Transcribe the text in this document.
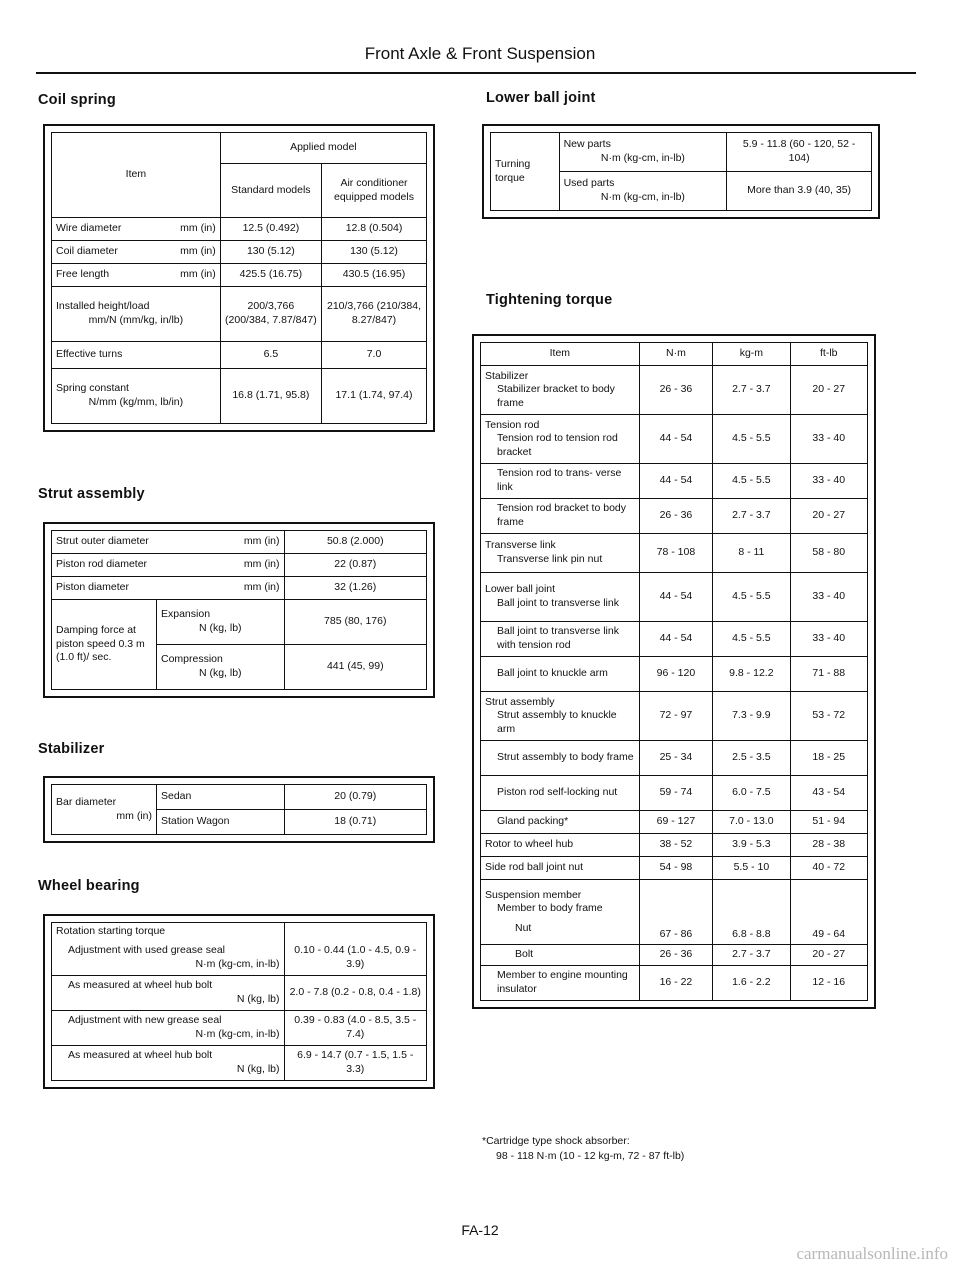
Front Axle & Front Suspension
Coil spring
Item	Applied model	
	Standard models	Air conditioner equipped models

Wire diameter mm (in)	12.5 (0.492)	12.8 (0.504)

Coil diameter mm (in)	130 (5.12)	130 (5.12)

Free length mm (in)	425.5 (16.75)	430.5 (16.95)

Installed height/load
mm/N (mm/kg, in/lb)	200/3,766 (200/384, 7.87/847)	210/3,766 (210/384, 8.27/847)
Effective turns	6.5	7.0

Spring constant
N/mm (kg/mm, lb/in)	16.8 (1.71, 95.8)	17.1 (1.74, 97.4)
Strut assembly
Strut outer diameter mm (in)		50.8 (2.000)

Piston rod diameter mm (in)		22 (0.87)

Piston diameter mm (in)		32 (1.26)
Damping force at piston speed 0.3 m (1.0 ft)/ sec.	Expansion
N (kg, lb)	785 (80, 176)

	Compression
N (kg, lb)	441 (45, 99)
Stabilizer
Bar diameter
mm (in)	Sedan	20 (0.79)
	Station Wagon	18 (0.71)
Wheel bearing
Rotation starting torque	

Adjustment with used grease seal
N·m (kg-cm, in-lb)	0.10 - 0.44 (1.0 - 4.5, 0.9 - 3.9)

As measured at wheel hub bolt
N (kg, lb)	2.0 - 7.8 (0.2 - 0.8, 0.4 - 1.8)

Adjustment with new grease seal
N·m (kg-cm, in-lb)	0.39 - 0.83 (4.0 - 8.5, 3.5 - 7.4)

As measured at wheel hub bolt
N (kg, lb)	6.9 - 14.7 (0.7 - 1.5, 1.5 - 3.3)
Lower ball joint
Turning torque	New parts
N·m (kg-cm, in-lb)	5.9 - 11.8 (60 - 120, 52 - 104)

	Used parts
N·m (kg-cm, in-lb)	More than 3.9 (40, 35)
Tightening torque
Item	N·m	kg-m	ft-lb

Stabilizer
Stabilizer bracket to body frame	26 - 36	2.7 - 3.7	20 - 27

Tension rod
Tension rod to tension rod bracket	44 - 54	4.5 - 5.5	33 - 40

Tension rod to trans- verse link	44 - 54	4.5 - 5.5	33 - 40

Tension rod bracket to body frame	26 - 36	2.7 - 3.7	20 - 27

Transverse link
Transverse link pin nut	78 - 108	8 - 11	58 - 80

Lower ball joint
Ball joint to transverse link	44 - 54	4.5 - 5.5	33 - 40

Ball joint to transverse link with tension rod	44 - 54	4.5 - 5.5	33 - 40

Ball joint to knuckle arm	96 - 120	9.8 - 12.2	71 - 88

Strut assembly
Strut assembly to knuckle arm	72 - 97	7.3 - 9.9	53 - 72

Strut assembly to body frame	25 - 34	2.5 - 3.5	18 - 25

Piston rod self-locking nut	59 - 74	6.0 - 7.5	43 - 54

Gland packing*	69 - 127	7.0 - 13.0	51 - 94
Rotor to wheel hub	38 - 52	3.9 - 5.3	28 - 38
Side rod ball joint nut	54 - 98	5.5 - 10	40 - 72

Suspension member
Member to body frame
Nut	67 - 86	6.8 - 8.8	49 - 64

Bolt	26 - 36	2.7 - 3.7	20 - 27

Member to engine mounting insulator	16 - 22	1.6 - 2.2	12 - 16
*Cartridge type shock absorber:
98 - 118 N·m (10 - 12 kg-m, 72 - 87 ft-lb)
FA-12
carmanualsonline.info
